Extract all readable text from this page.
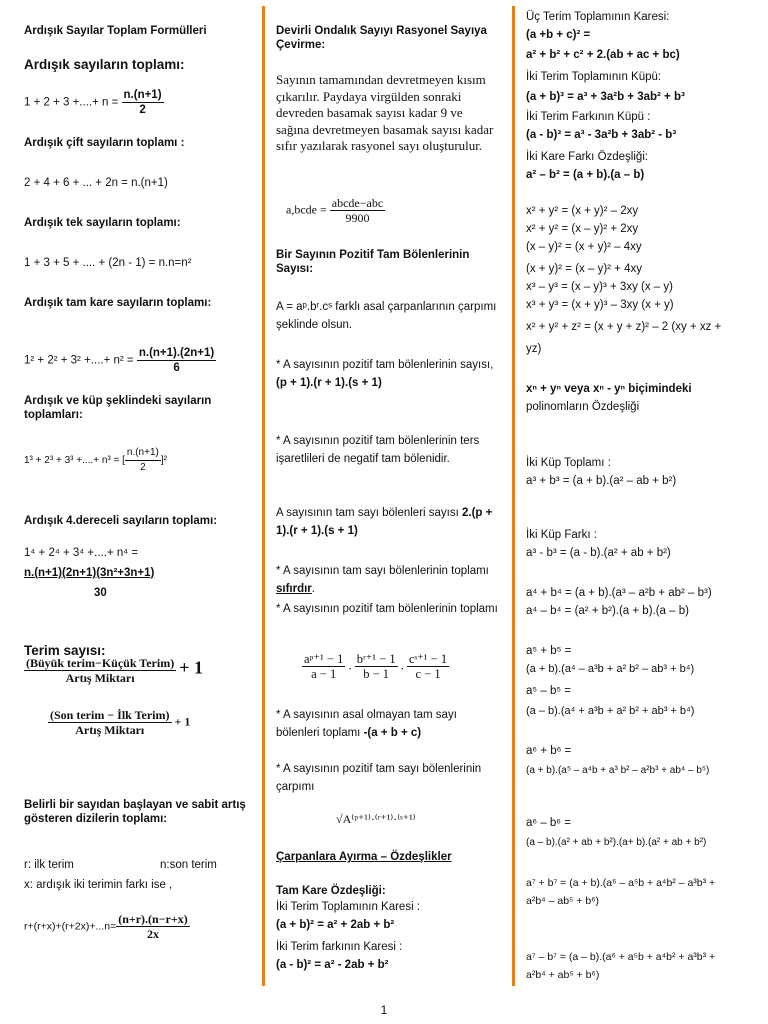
Ardışık Sayılar Toplam Formülleri
Ardışık sayıların toplamı:
1 + 2 + 3 +....+ $n = \frac{n.(n+1)}{2}$
Ardışık çift sayıların toplamı :
2 + 4 + 6 + ... + 2n = n.(n+1)
Ardışık tek sayıların toplamı:
1 + 3 + 5 + .... + (2n - 1) = n.n=n²
Ardışık tam kare sayıların toplamı:
1² + 2² + 3² +....+ $n^2 = \frac{n.(n+1).(2n+1)}{6}$
Ardışık ve küp şeklindeki sayıların toplamları:
1³ + 2³ + 3³ +....+ n³ = [ $\frac{n.(n+1)}{2} ]^2$
Ardışık 4.dereceli sayıların toplamı:
1⁴ + 2⁴ + 3⁴ +....+ n⁴ =
n.(n+1)(2n+1)(3n²+3n+1)
30
Terim sayısı:
$\frac{\text{(Büyük terim−Küçük Terim)}}{\text{Artış Miktarı}} + 1$
$\frac{\text{(Son terim − İlk Terim)}}{\text{Artış Miktarı}} + 1$
Belirli bir sayıdan başlayan ve sabit artış gösteren dizilerin toplamı:
r: ilk terim	n:son terim
x: ardışık iki terimin farkı ise ,
$r+(r+x)+(r+2x)+...n= \frac{(n+r).(n-r+x)}{2x}$
Devirli Ondalık Sayıyı Rasyonel Sayıya Çevirme:
Sayının tamamından devretmeyen kısım çıkarılır. Paydaya virgülden sonraki devreden basamak sayısı kadar 9 ve sağına devretmeyen basamak sayısı kadar sıfır yazılarak rasyonel sayı oluşturulur.
a,bcde = $\frac{\text{abcde−abc}}{9900}$
Bir Sayının Pozitif Tam Bölenlerinin Sayısı:
A = aᵖ.bʳ.cˢ farklı asal çarpanlarının çarpımı şeklinde olsun.
* A sayısının pozitif tam bölenlerinin sayısı, (p + 1).(r + 1).(s + 1)
* A sayısının pozitif tam bölenlerinin ters işaretlileri de negatif tam bölenidir.
A sayısının tam sayı bölenleri sayısı 2.(p + 1).(r + 1).(s + 1)
* A sayısının tam sayı bölenlerinin toplamı sıfırdır.
* A sayısının pozitif tam bölenlerinin toplamı
$\frac{\text{aᵖ⁺¹ − 1}}{a - 1}$ . $\frac{\text{bʳ⁺¹ − 1}}{b - 1}$ . $\frac{\text{cˢ⁺¹ − 1}}{c - 1}$
* A sayısının asal olmayan tam sayı bölenleri toplamı -(a + b + c)
* A sayısının pozitif tam sayı bölenlerinin çarpımı
√A⁽ᵖ⁺¹⁾·⁽ʳ⁺¹⁾·⁽ˢ⁺¹⁾
Çarpanlara Ayırma – Özdeşlikler
Tam Kare Özdeşliği:
İki Terim Toplamının Karesi :
(a + b)² = a² + 2ab + b²
İki Terim farkının Karesi :
(a - b)² = a² - 2ab + b²
Üç Terim Toplamının Karesi:
(a +b + c)² =
a² + b² + c² + 2.(ab + ac + bc)
İki Terim Toplamının Küpü:
(a + b)³ = a³ + 3a²b + 3ab² + b³
İki Terim Farkının Küpü :
(a - b)³ = a³ - 3a²b + 3ab² - b³
İki Kare Farkı Özdeşliği:
a² – b² = (a + b).(a – b)
x² + y² = (x + y)² – 2xy
x² + y² = (x – y)² + 2xy
(x – y)² = (x + y)² – 4xy
(x + y)² = (x – y)² + 4xy
x³ – y³ = (x – y)³ + 3xy (x – y)
x³ + y³ = (x + y)³ – 3xy (x + y)
x² + y² + z² = (x + y + z)² – 2 (xy + xz +
yz)
xⁿ + yⁿ veya xⁿ - yⁿ biçimindeki
polinomların Özdeşliği
İki Küp Toplamı :
a³ + b³ = (a + b).(a² – ab + b²)
İki Küp Farkı :
a³ - b³ = (a - b).(a² + ab + b²)
a⁴ + b⁴ = (a + b).(a³ – a²b + ab² – b³)
a⁴ – b⁴ = (a² + b²).(a + b).(a – b)
a⁵ + b⁵ =
(a + b).(a⁴ – a³b + a² b² – ab³ + b⁴)
a⁵ – b⁵ =
(a – b).(a⁴ + a³b + a² b² + ab³ + b⁴)
a⁶ + b⁶ =
(a + b).(a⁵ – a⁴b + a³ b² – a²b³ + ab⁴ – b⁵)
a⁶ – b⁶ =
(a – b).(a² + ab + b²).(a+ b).(a² + ab + b²)
a⁷ + b⁷ = (a + b).(a⁶ – a⁵b + a⁴b² – a³b³ +
a²b⁴ – ab⁵ + b⁶)
a⁷ – b⁷ = (a – b).(a⁶ + a⁵b + a⁴b² + a³b³ +
a²b⁴ + ab⁵ + b⁶)
1
